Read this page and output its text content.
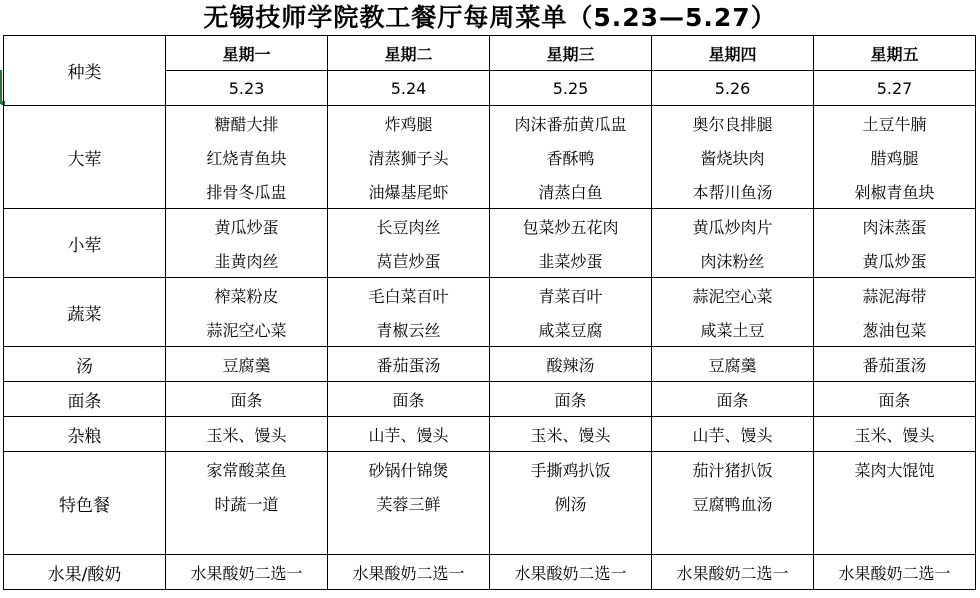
无锡技师学院教工餐厅每周菜单（5.23—5.27）
种类	星期一	星期二	星期三	星期四	星期五
	5.23	5.24	5.25	5.26	5.27
大荤	糖醋大排	炸鸡腿	肉沫番茄黄瓜盅	奥尔良排腿	土豆牛腩
	红烧青鱼块	清蒸狮子头	香酥鸭	酱烧块肉	腊鸡腿
	排骨冬瓜盅	油爆基尾虾	清蒸白鱼	本帮川鱼汤	剁椒青鱼块
小荤	黄瓜炒蛋	长豆肉丝	包菜炒五花肉	黄瓜炒肉片	肉沫蒸蛋
	韭黄肉丝	莴苣炒蛋	韭菜炒蛋	肉沫粉丝	黄瓜炒蛋
蔬菜	榨菜粉皮	毛白菜百叶	青菜百叶	蒜泥空心菜	蒜泥海带
	蒜泥空心菜	青椒云丝	咸菜豆腐	咸菜土豆	葱油包菜
汤	豆腐羹	番茄蛋汤	酸辣汤	豆腐羹	番茄蛋汤
面条	面条	面条	面条	面条	面条
杂粮	玉米、馒头	山芋、馒头	玉米、馒头	山芋、馒头	玉米、馒头
特色餐	家常酸菜鱼	砂锅什锦煲	手撕鸡扒饭	茄汁猪扒饭	菜肉大馄饨
	时蔬一道	芙蓉三鲜	例汤	豆腐鸭血汤	

水果/酸奶	水果酸奶二选一	水果酸奶二选一	水果酸奶二选一	水果酸奶二选一	水果酸奶二选一
